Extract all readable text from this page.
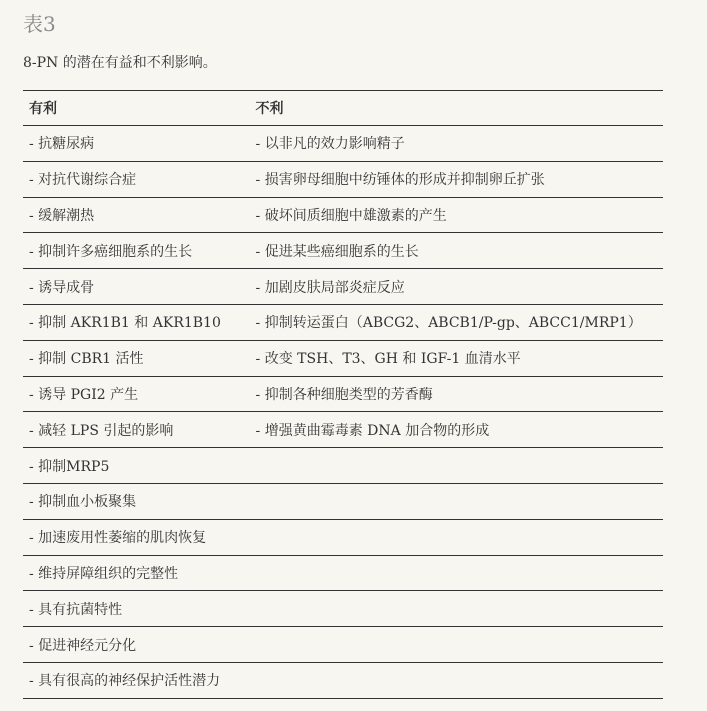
表3
8-PN 的潜在有益和不利影响。
有利	不利
- 抗糖尿病	- 以非凡的效力影响精子
- 对抗代谢综合症	- 损害卵母细胞中纺锤体的形成并抑制卵丘扩张
- 缓解潮热	- 破坏间质细胞中雄激素的产生
- 抑制许多癌细胞系的生长	- 促进某些癌细胞系的生长
- 诱导成骨	- 加剧皮肤局部炎症反应
- 抑制 AKR1B1 和 AKR1B10	- 抑制转运蛋白（ABCG2、ABCB1/P-gp、ABCC1/MRP1）
- 抑制 CBR1 活性	- 改变 TSH、T3、GH 和 IGF-1 血清水平
- 诱导 PGI2 产生	- 抑制各种细胞类型的芳香酶
- 减轻 LPS 引起的影响	- 增强黄曲霉毒素 DNA 加合物的形成
- 抑制MRP5	
- 抑制血小板聚集	
- 加速废用性萎缩的肌肉恢复	
- 维持屏障组织的完整性	
- 具有抗菌特性	
- 促进神经元分化	
- 具有很高的神经保护活性潜力	
